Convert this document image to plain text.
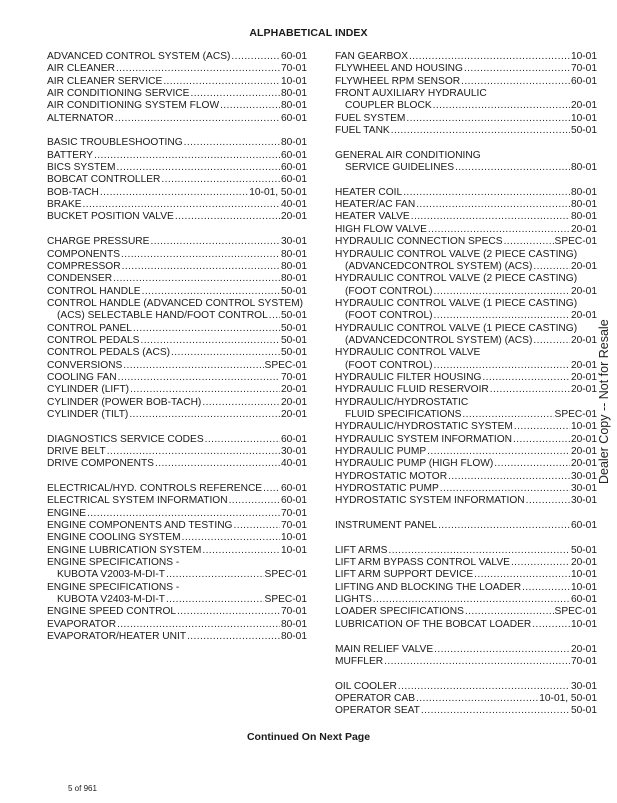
ALPHABETICAL INDEX
ADVANCED CONTROL SYSTEM (ACS) .....	60-01
AIR CLEANER .....	70-01
AIR CLEANER SERVICE .....	10-01
AIR CONDITIONING SERVICE .....	80-01
AIR CONDITIONING SYSTEM FLOW .....	80-01
ALTERNATOR .....	60-01
BASIC TROUBLESHOOTING .....	80-01
BATTERY .....	60-01
BICS SYSTEM .....	60-01
BOBCAT CONTROLLER .....	60-01
BOB-TACH .....	10-01, 50-01
BRAKE .....	40-01
BUCKET POSITION VALVE .....	20-01
CHARGE PRESSURE .....	30-01
COMPONENTS .....	80-01
COMPRESSOR .....	80-01
CONDENSER .....	80-01
CONTROL HANDLE .....	50-01
CONTROL HANDLE (ADVANCED CONTROL SYSTEM)
(ACS) SELECTABLE HAND/FOOT CONTROL ..... 50-01
CONTROL PANEL .....	50-01
CONTROL PEDALS .....	50-01
CONTROL PEDALS (ACS) .....	50-01
CONVERSIONS .....	SPEC-01
COOLING FAN .....	70-01
CYLINDER (LIFT) .....	20-01
CYLINDER (POWER BOB-TACH) .....	20-01
CYLINDER (TILT) .....	20-01
DIAGNOSTICS SERVICE CODES .....	60-01
DRIVE BELT .....	30-01
DRIVE COMPONENTS .....	40-01
ELECTRICAL/HYD. CONTROLS REFERENCE ..... 60-01
ELECTRICAL SYSTEM INFORMATION .....	60-01
ENGINE .....	70-01
ENGINE COMPONENTS AND TESTING .....	70-01
ENGINE COOLING SYSTEM .....	10-01
ENGINE LUBRICATION SYSTEM .....	10-01
ENGINE SPECIFICATIONS -
KUBOTA V2003-M-DI-T .....	SPEC-01
ENGINE SPECIFICATIONS -
KUBOTA V2403-M-DI-T .....	SPEC-01
ENGINE SPEED CONTROL .....	70-01
EVAPORATOR .....	80-01
EVAPORATOR/HEATER UNIT .....	80-01
FAN GEARBOX .....	10-01
FLYWHEEL AND HOUSING .....	70-01
FLYWHEEL RPM SENSOR .....	60-01
FRONT AUXILIARY HYDRAULIC
COUPLER BLOCK .....	20-01
FUEL SYSTEM .....	10-01
FUEL TANK .....	50-01
GENERAL AIR CONDITIONING
SERVICE GUIDELINES .....	80-01
HEATER COIL .....	80-01
HEATER/AC FAN .....	80-01
HEATER VALVE .....	80-01
HIGH FLOW VALVE .....	20-01
HYDRAULIC CONNECTION SPECS .....	SPEC-01
HYDRAULIC CONTROL VALVE (2 PIECE CASTING)
(ADVANCEDCONTROL SYSTEM) (ACS) .....	20-01
HYDRAULIC CONTROL VALVE (2 PIECE CASTING)
(FOOT CONTROL) .....	20-01
HYDRAULIC CONTROL VALVE (1 PIECE CASTING)
(FOOT CONTROL) .....	20-01
HYDRAULIC CONTROL VALVE (1 PIECE CASTING)
(ADVANCEDCONTROL SYSTEM) (ACS) .....	20-01
HYDRAULIC CONTROL VALVE
(FOOT CONTROL) .....	20-01
HYDRAULIC FILTER HOUSING .....	20-01
HYDRAULIC FLUID RESERVOIR .....	20-01
HYDRAULIC/HYDROSTATIC
FLUID SPECIFICATIONS .....	SPEC-01
HYDRAULIC/HYDROSTATIC SYSTEM .....	10-01
HYDRAULIC SYSTEM INFORMATION .....	20-01
HYDRAULIC PUMP .....	20-01
HYDRAULIC PUMP (HIGH FLOW) .....	20-01
HYDROSTATIC MOTOR .....	30-01
HYDROSTATIC PUMP .....	30-01
HYDROSTATIC SYSTEM INFORMATION .....	30-01
INSTRUMENT PANEL .....	60-01
LIFT ARMS .....	50-01
LIFT ARM BYPASS CONTROL VALVE .....	20-01
LIFT ARM SUPPORT DEVICE .....	10-01
LIFTING AND BLOCKING THE LOADER .....	10-01
LIGHTS .....	60-01
LOADER SPECIFICATIONS .....	SPEC-01
LUBRICATION OF THE BOBCAT LOADER .....	10-01
MAIN RELIEF VALVE .....	20-01
MUFFLER .....	70-01
OIL COOLER .....	30-01
OPERATOR CAB .....	10-01, 50-01
OPERATOR SEAT .....	50-01
Continued On Next Page
5 of 961
Dealer Copy -- Not for Resale
